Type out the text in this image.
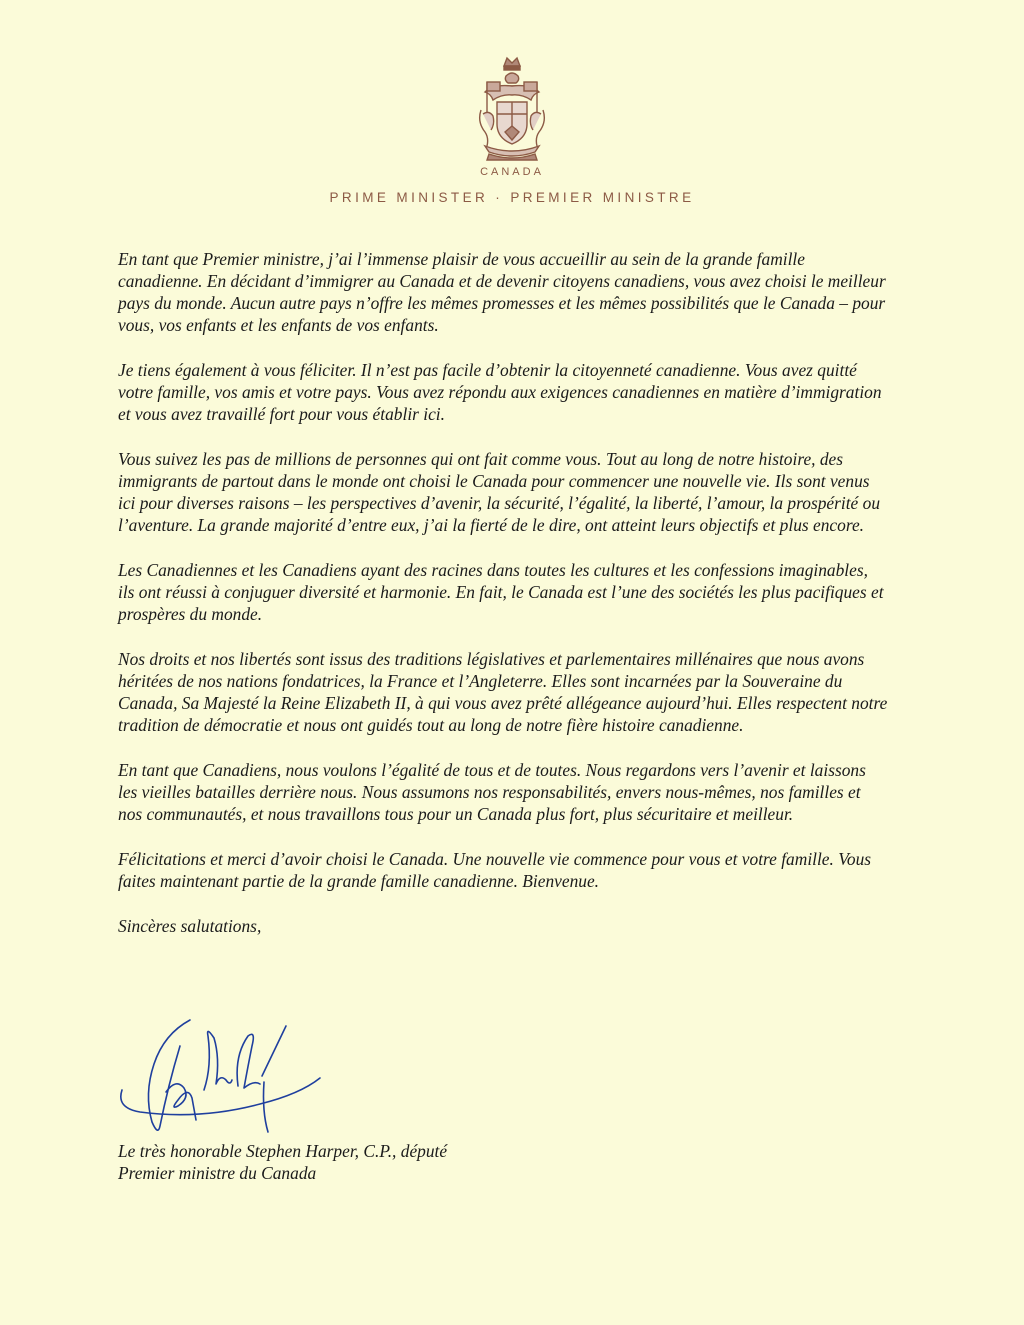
CANADA
PRIME MINISTER · PREMIER MINISTRE

En tant que Premier ministre, j’ai l’immense plaisir de vous accueillir au sein de la grande famille canadienne. En décidant d’immigrer au Canada et de devenir citoyens canadiens, vous avez choisi le meilleur pays du monde. Aucun autre pays n’offre les mêmes promesses et les mêmes possibilités que le Canada – pour vous, vos enfants et les enfants de vos enfants.

Je tiens également à vous féliciter. Il n’est pas facile d’obtenir la citoyenneté canadienne. Vous avez quitté votre famille, vos amis et votre pays. Vous avez répondu aux exigences canadiennes en matière d’immigration et vous avez travaillé fort pour vous établir ici.

Vous suivez les pas de millions de personnes qui ont fait comme vous. Tout au long de notre histoire, des immigrants de partout dans le monde ont choisi le Canada pour commencer une nouvelle vie. Ils sont venus ici pour diverses raisons – les perspectives d’avenir, la sécurité, l’égalité, la liberté, l’amour, la prospérité ou l’aventure. La grande majorité d’entre eux, j’ai la fierté de le dire, ont atteint leurs objectifs et plus encore.

Les Canadiennes et les Canadiens ayant des racines dans toutes les cultures et les confessions imaginables, ils ont réussi à conjuguer diversité et harmonie. En fait, le Canada est l’une des sociétés les plus pacifiques et prospères du monde.

Nos droits et nos libertés sont issus des traditions législatives et parlementaires millénaires que nous avons héritées de nos nations fondatrices, la France et l’Angleterre. Elles sont incarnées par la Souveraine du Canada, Sa Majesté la Reine Elizabeth II, à qui vous avez prêté allégeance aujourd’hui. Elles respectent notre tradition de démocratie et nous ont guidés tout au long de notre fière histoire canadienne.

En tant que Canadiens, nous voulons l’égalité de tous et de toutes. Nous regardons vers l’avenir et laissons les vieilles batailles derrière nous. Nous assumons nos responsabilités, envers nous-mêmes, nos familles et nos communautés, et nous travaillons tous pour un Canada plus fort, plus sécuritaire et meilleur.

Félicitations et merci d’avoir choisi le Canada. Une nouvelle vie commence pour vous et votre famille. Vous faites maintenant partie de la grande famille canadienne. Bienvenue.

Sincères salutations,

Le très honorable Stephen Harper, C.P., député
Premier ministre du Canada
